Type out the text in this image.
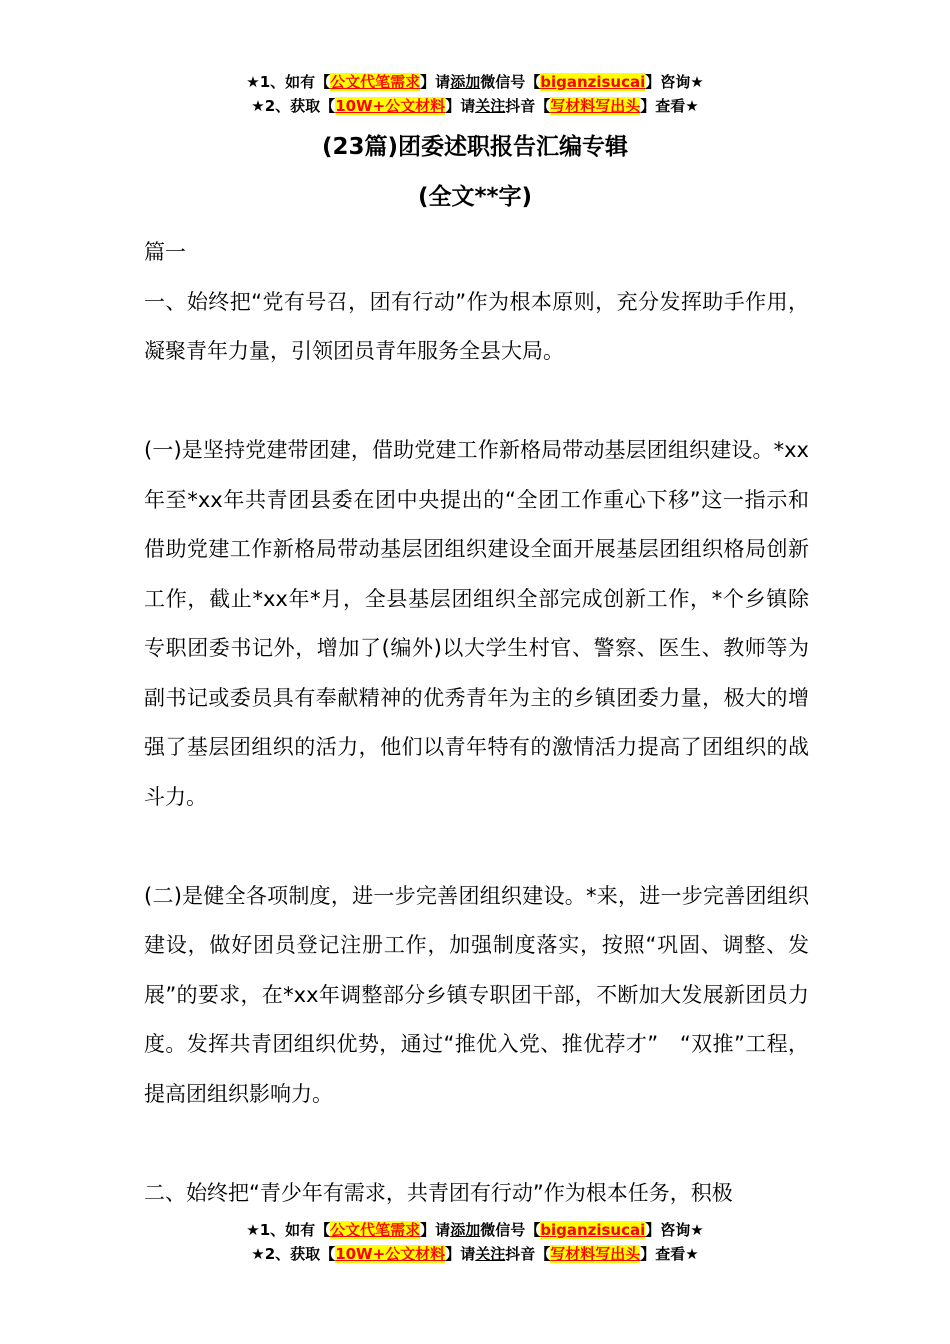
★1、如有【公文代笔需求】请添加微信号【biganzisucai】咨询★
★2、获取【10W+公文材料】请关注抖音【写材料写出头】查看★
(23篇)团委述职报告汇编专辑
(全文**字)

篇一

一、始终把“党有号召，团有行动”作为根本原则，充分发挥助手作用，凝聚青年力量，引领团员青年服务全县大局。

(一)是坚持党建带团建，借助党建工作新格局带动基层团组织建设。*xx年至*xx年共青团县委在团中央提出的“全团工作重心下移”这一指示和借助党建工作新格局带动基层团组织建设全面开展基层团组织格局创新工作，截止*xx年*月，全县基层团组织全部完成创新工作，*个乡镇除专职团委书记外，增加了(编外)以大学生村官、警察、医生、教师等为副书记或委员具有奉献精神的优秀青年为主的乡镇团委力量，极大的增强了基层团组织的活力，他们以青年特有的激情活力提高了团组织的战斗力。

(二)是健全各项制度，进一步完善团组织建设。*来，进一步完善团组织建设，做好团员登记注册工作，加强制度落实，按照“巩固、调整、发展”的要求，在*xx年调整部分乡镇专职团干部，不断加大发展新团员力度。发挥共青团组织优势，通过“推优入党、推优荐才”　“双推”工程，提高团组织影响力。

二、始终把“青少年有需求，共青团有行动”作为根本任务，积极

★1、如有【公文代笔需求】请添加微信号【biganzisucai】咨询★
★2、获取【10W+公文材料】请关注抖音【写材料写出头】查看★
